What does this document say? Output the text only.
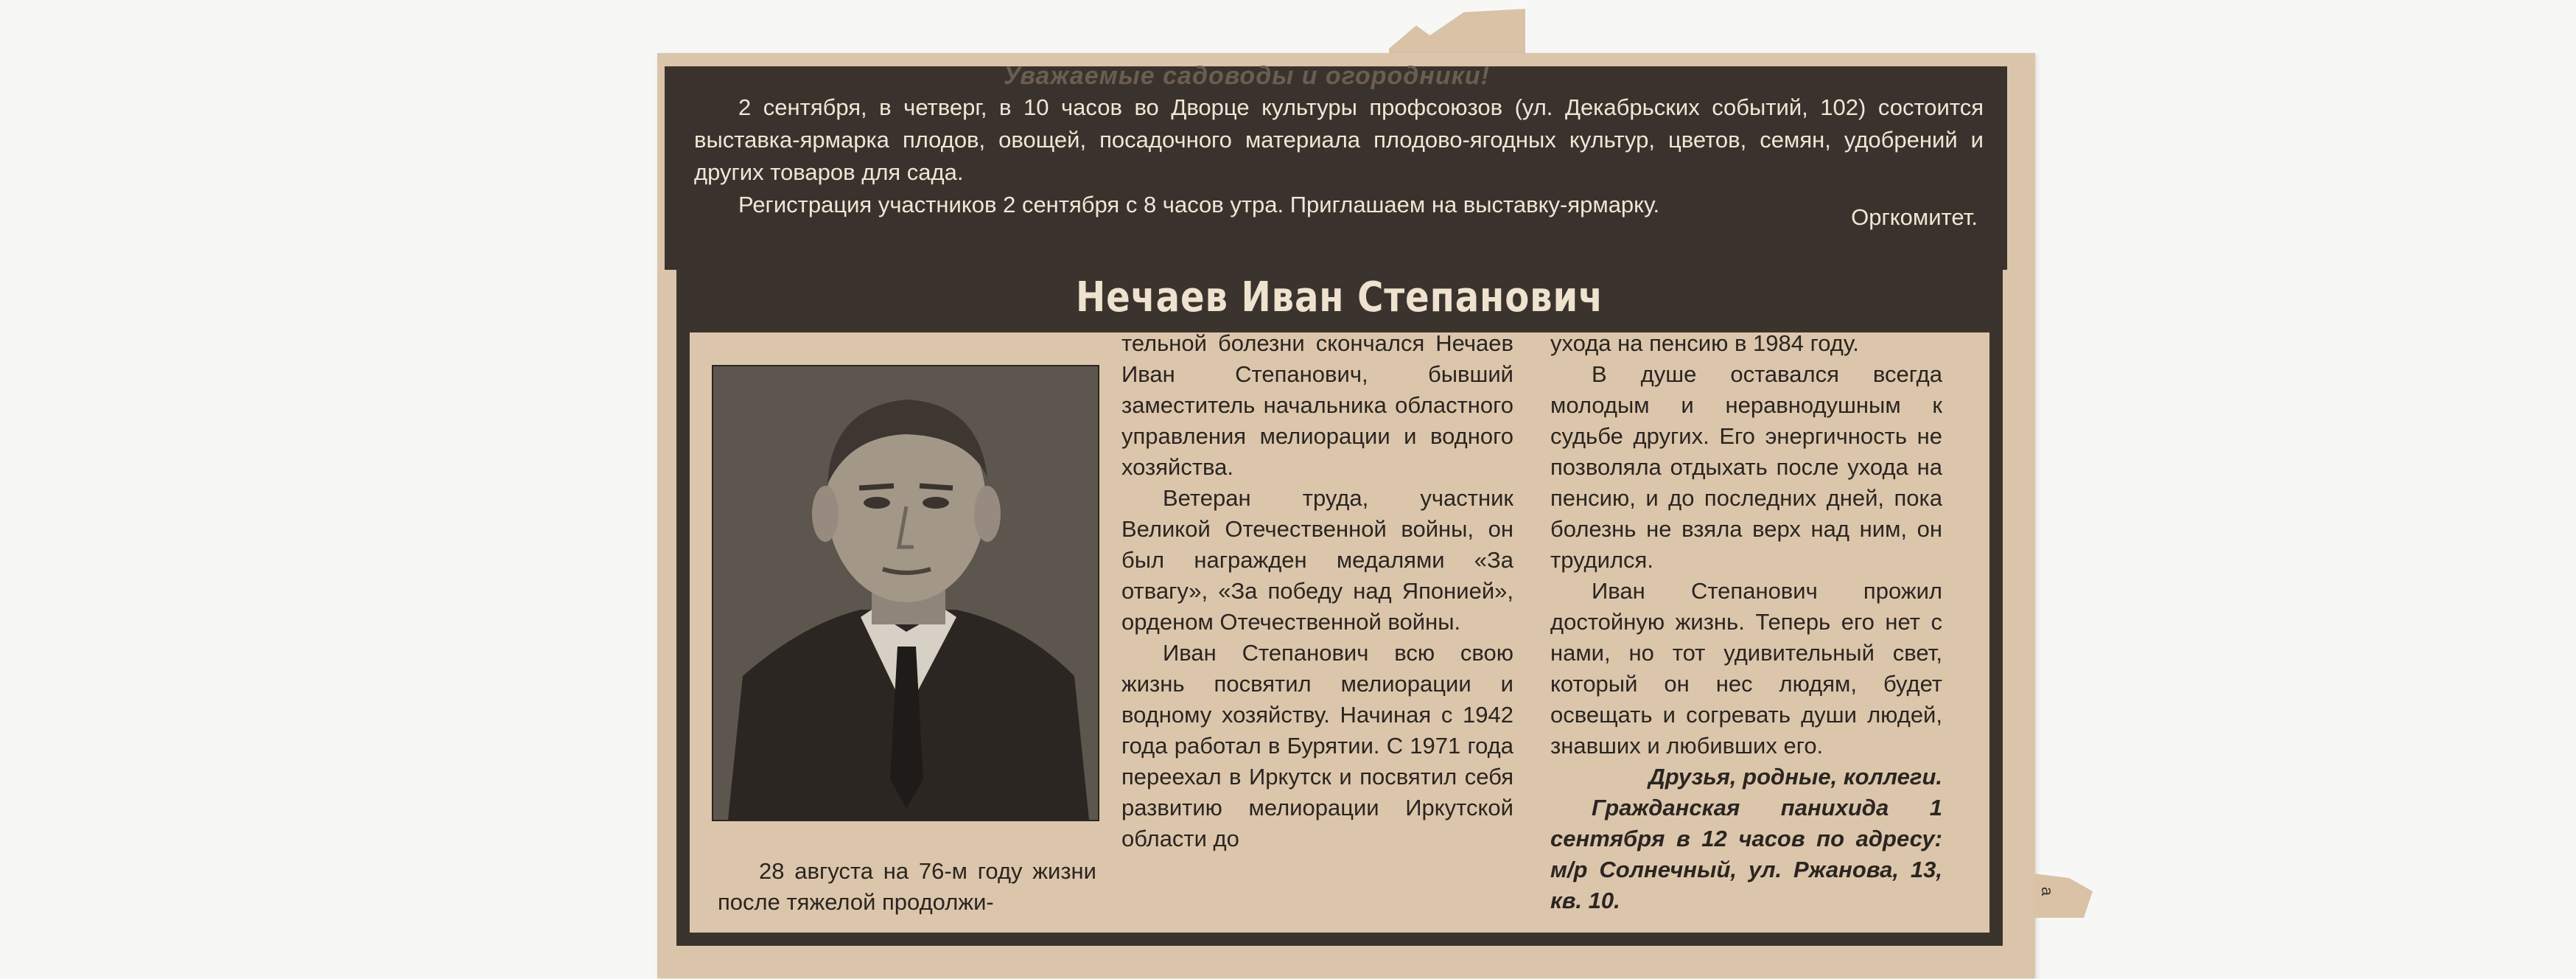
а
Уважаемые садоводы и огородники!

2 сентября, в четверг, в 10 часов во Дворце культуры профсоюзов (ул. Декабрьских событий, 102) состоится выставка-ярмарка плодов, овощей, посадочного материала плодово-ягодных культур, цветов, семян, удобрений и других товаров для сада.

Регистрация участников 2 сентября с 8 часов утра. Приглашаем на выставку-ярмарку.	Оргкомитет.
Нечаев Иван Степанович

28 августа на 76-м году жизни после тяжелой продолжи-

тельной болезни скончался Нечаев Иван Степанович, бывший заместитель начальника областного управления мелиорации и водного хозяйства.

Ветеран труда, участник Великой Отечественной войны, он был награжден медалями «За отвагу», «За победу над Японией», орденом Отечественной войны.

Иван Степанович всю свою жизнь посвятил мелиорации и водному хозяйству. Начиная с 1942 года работал в Бурятии. С 1971 года переехал в Иркутск и посвятил себя развитию мелиорации Иркутской области до

ухода на пенсию в 1984 году.

В душе оставался всегда молодым и неравнодушным к судьбе других. Его энергичность не позволяла отдыхать после ухода на пенсию, и до последних дней, пока болезнь не взяла верх над ним, он трудился.

Иван Степанович прожил достойную жизнь. Теперь его нет с нами, но тот удивительный свет, который он нес людям, будет освещать и согревать души людей, знавших и любивших его.

Друзья, родные, коллеги.

Гражданская панихида 1 сентября в 12 часов по адресу: м/р Солнечный, ул. Ржанова, 13, кв. 10.
